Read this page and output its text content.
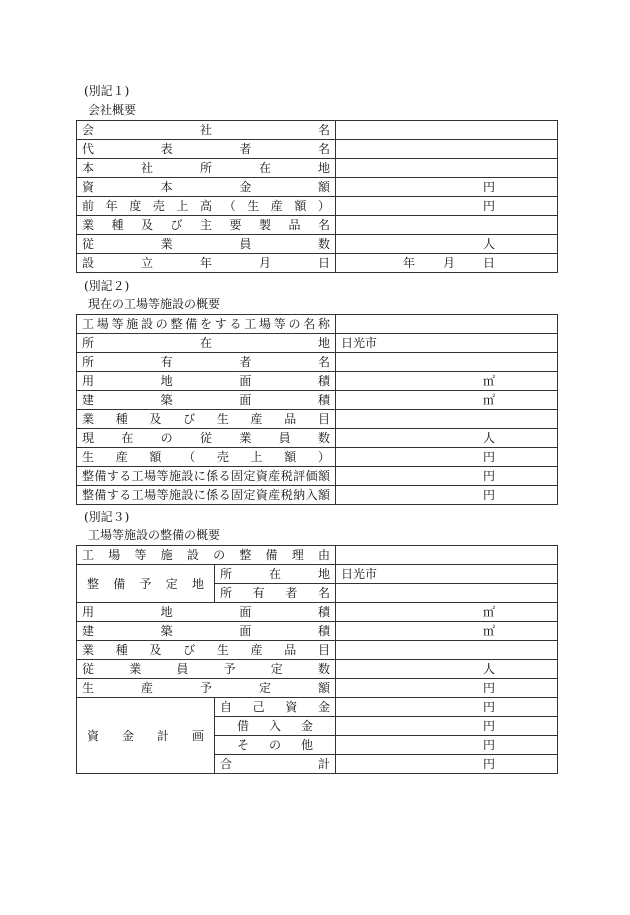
(別記１)
会社概要
会社名	
代表者名	
本社所在地	
資本金額	円
前年度売上高（生産額）	円
業種及び主要製品名	
従業員数	人
設立年月日	年 月 日
(別記２)
現在の工場等施設の概要
工場等施設の整備をする工場等の名称	
所在地	日光市
所有者名	
用地面積	㎡
建築面積	㎡
業種及び生産品目	
現在の従業員数	人
生産額（売上額）	円
整備する工場等施設に係る固定資産税評価額	円
整備する工場等施設に係る固定資産税納入額	円
(別記３)
工場等施設の整備の概要
工場等施設の整備理由		
整備予定地	所在地	日光市
	所有者名	
用地面積		㎡
建築面積		㎡
業種及び生産品目		
従業員予定数		人
生産予定額		円
資金計画	自己資金	円
	借入金	円
	その他	円
	合計	円
